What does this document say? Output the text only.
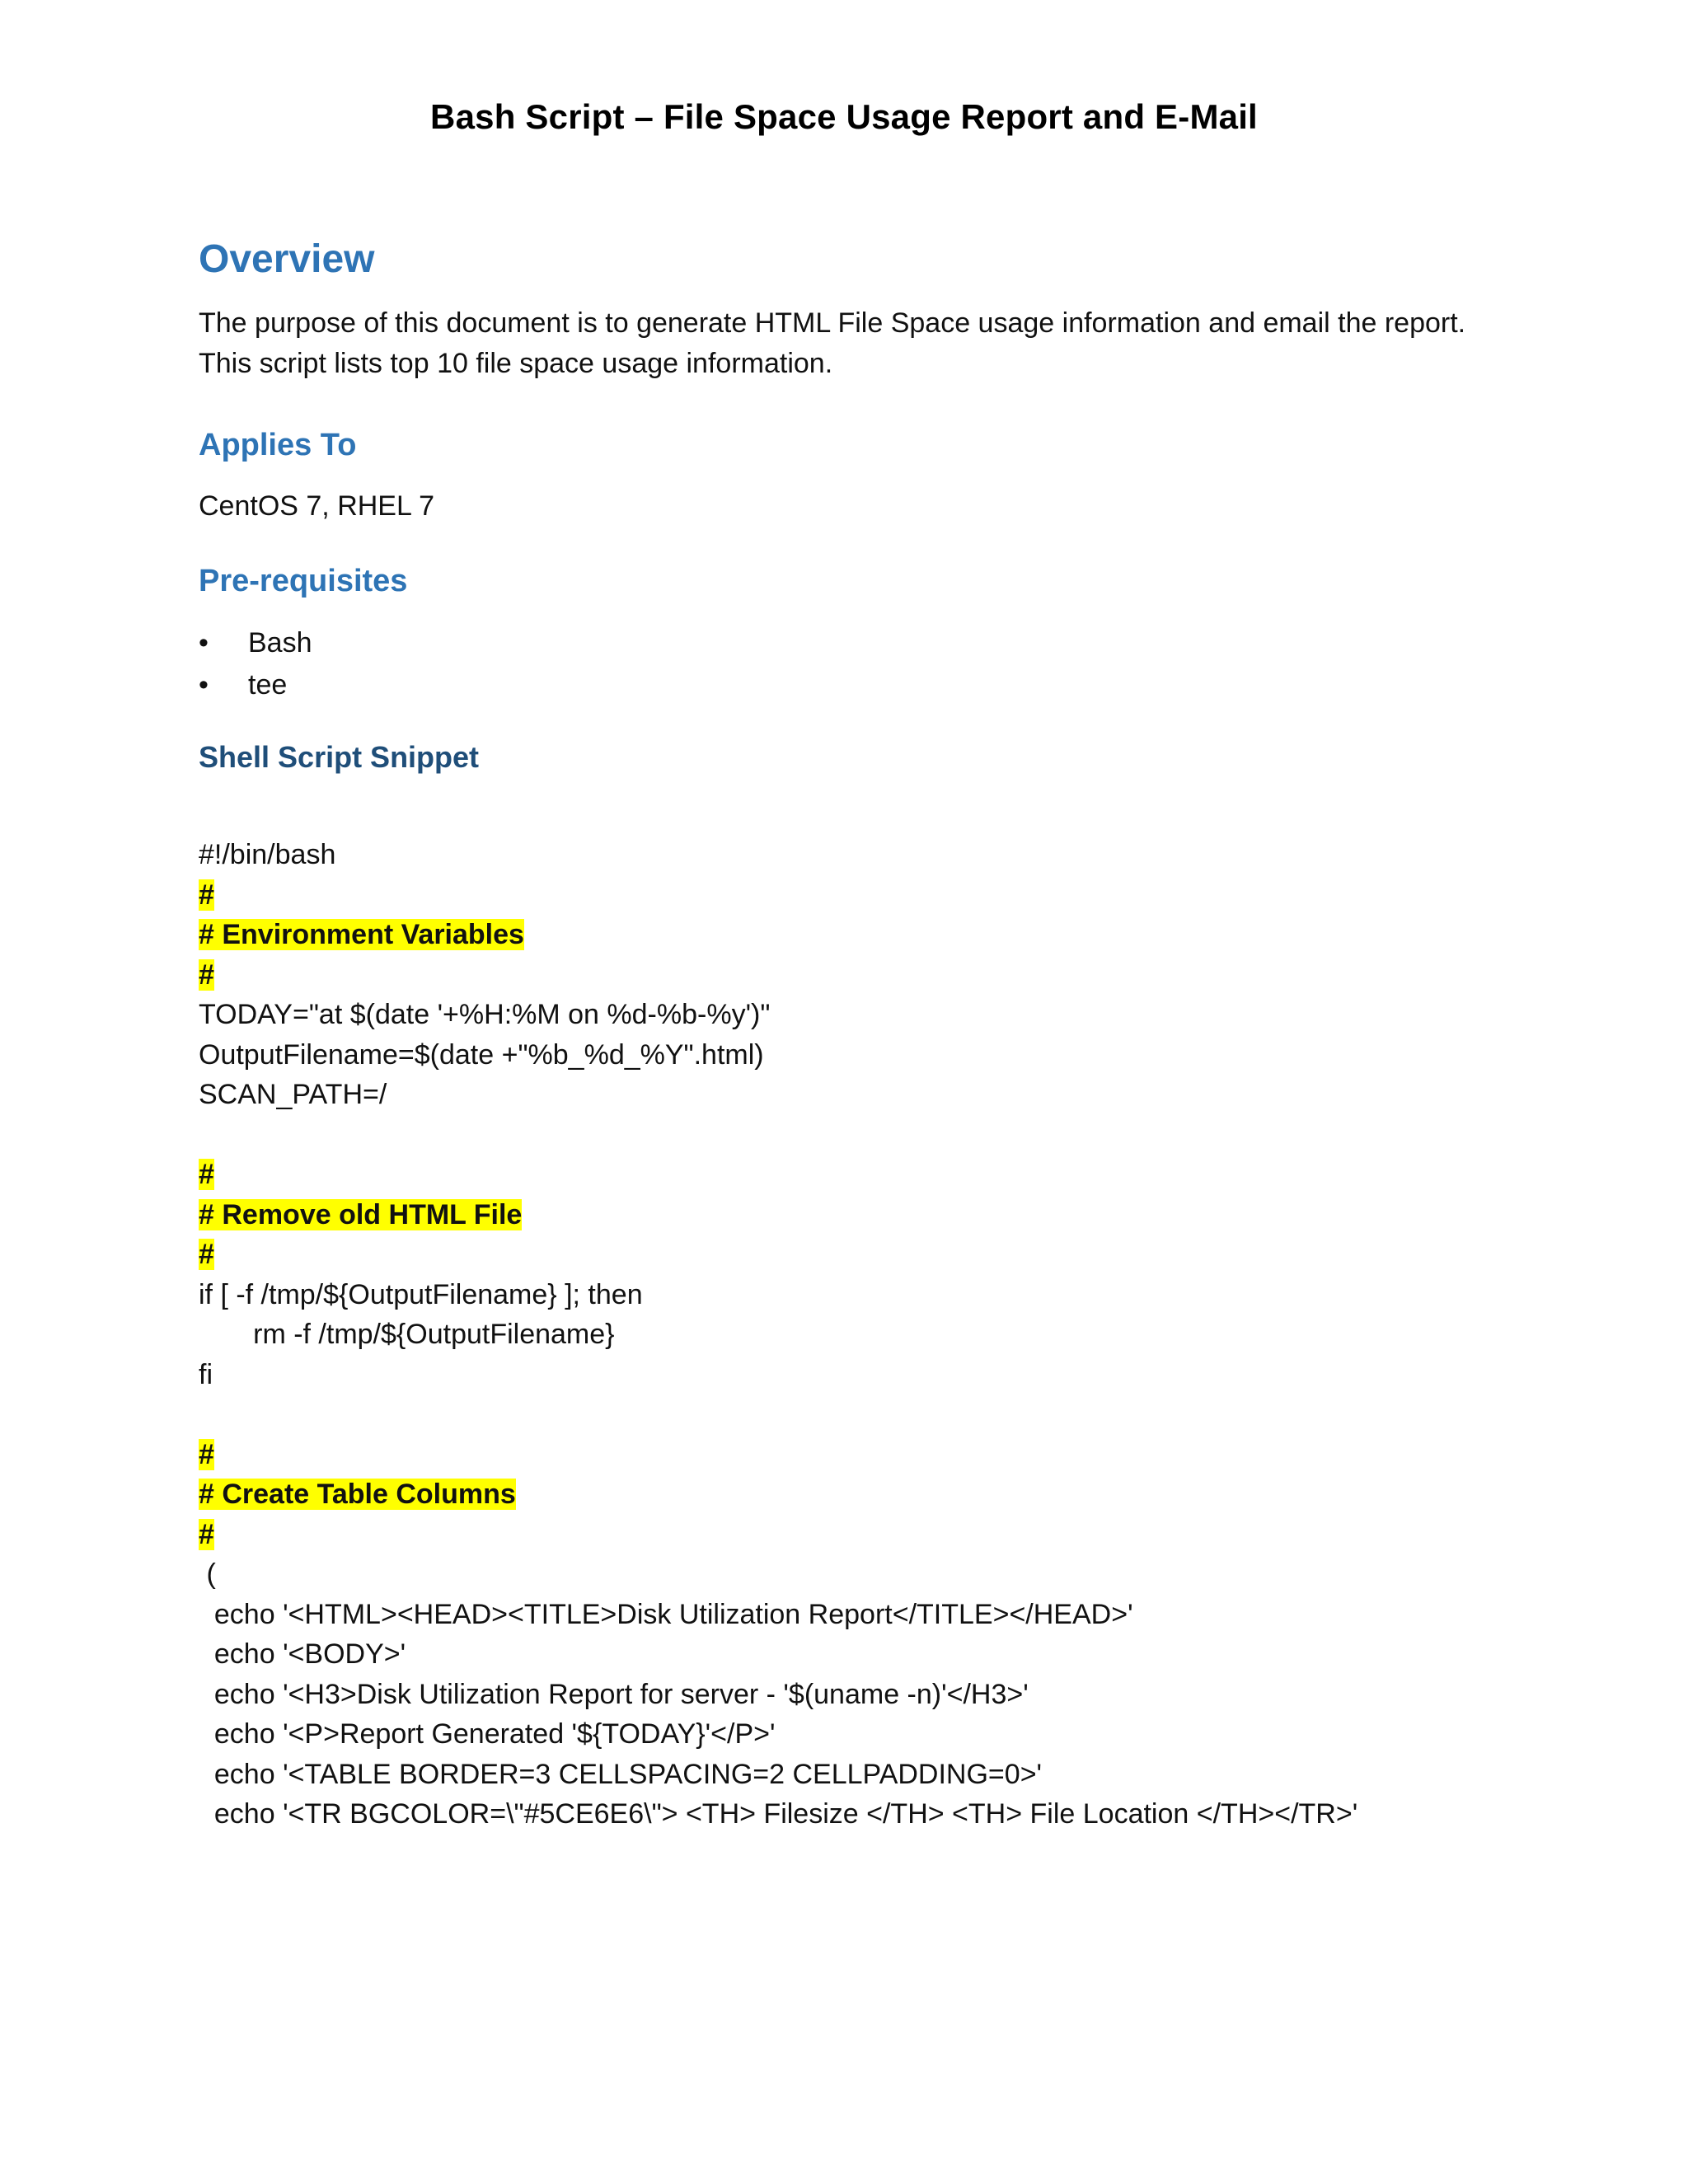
Bash Script – File Space Usage Report and E-Mail
Overview
The purpose of this document is to generate HTML File Space usage information and email the report.
This script lists top 10 file space usage information.
Applies To
CentOS 7, RHEL 7
Pre-requisites
• Bash
• tee
Shell Script Snippet
#!/bin/bash
#
# Environment Variables
#
TODAY="at $(date '+%H:%M on %d-%b-%y')"
OutputFilename=$(date +"%b_%d_%Y".html)
SCAN_PATH=/
#
# Remove old HTML File
#
if [ -f /tmp/${OutputFilename} ]; then
rm -f /tmp/${OutputFilename}
fi
#
# Create Table Columns
#
(
echo '<HTML><HEAD><TITLE>Disk Utilization Report</TITLE></HEAD>'
echo '<BODY>'
echo '<H3>Disk Utilization Report for server - '$(uname -n)'</H3>'
echo '<P>Report Generated '${TODAY}'</P>'
echo '<TABLE BORDER=3 CELLSPACING=2 CELLPADDING=0>'
echo '<TR BGCOLOR=\"#5CE6E6\"> <TH> Filesize </TH> <TH> File Location </TH></TR>'
